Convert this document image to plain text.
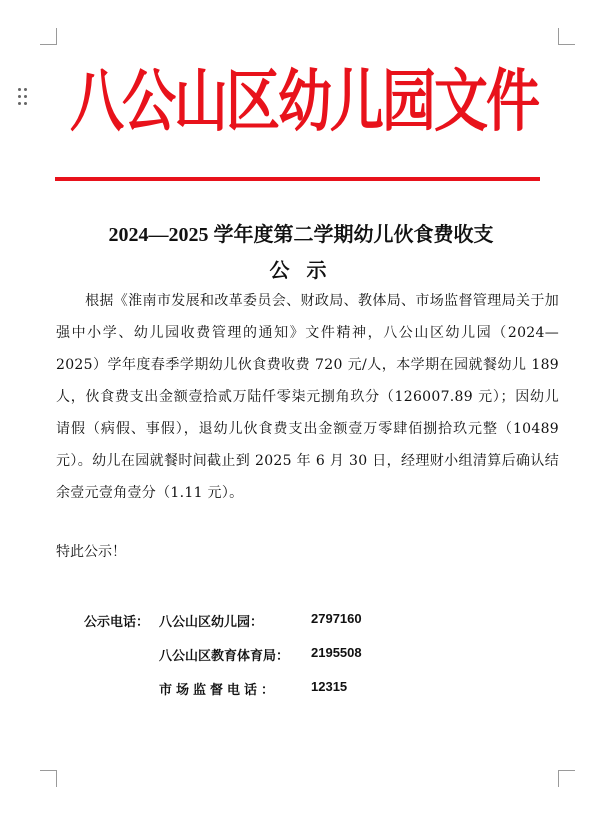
八公山区幼儿园文件
2024—2025 学年度第二学期幼儿伙食费收支
公 示
根据《淮南市发展和改革委员会、财政局、教体局、市场监督管理局关于加强中小学、幼儿园收费管理的通知》文件精神，八公山区幼儿园（2024—2025）学年度春季学期幼儿伙食费收费 720 元/人，本学期在园就餐幼儿 189 人，伙食费支出金额壹拾贰万陆仟零柒元捌角玖分（126007.89 元）；因幼儿请假（病假、事假），退幼儿伙食费支出金额壹万零肆佰捌拾玖元整（10489 元）。幼儿在园就餐时间截止到 2025 年 6 月 30 日，经理财小组清算后确认结余壹元壹角壹分（1.11 元）。
特此公示！
公示电话： 八公山区幼儿园：	2797160
八公山区教育体育局： 2195508
市场监督电话：	12315
